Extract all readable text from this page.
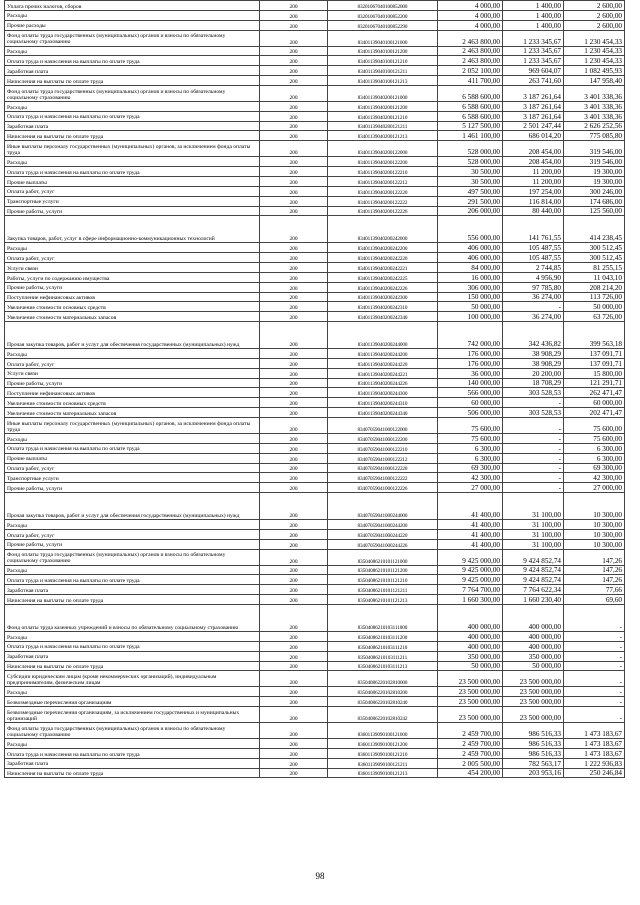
Уплата прочих налогов, сборов	200	83201067040100852000	4 000,00	1 400,00	2 600,00
Расходы	200	83201067040100852200	4 000,00	1 400,00	2 600,00
Прочие расходы	200	83201067040100852290	4 000,00	1 400,00	2 600,00
Фонд оплаты труда государственных (муниципальных) органов и взносы по обязательному социальному страхованию	200	83401139040100121000	2 463 800,00	1 233 345,67	1 230 454,33
Расходы	200	83401139040100121200	2 463 800,00	1 233 345,67	1 230 454,33
Оплата труда и начисления на выплаты по оплате труда	200	83401139040100121210	2 463 800,00	1 233 345,67	1 230 454,33
Заработная плата	200	83401139040100121211	2 052 100,00	969 604,07	1 082 495,93
Начисления на выплаты по оплате труда	200	83401139040100121213	411 700,00	263 741,60	147 958,40
Фонд оплаты труда государственных (муниципальных) органов и взносы по обязательному социальному страхованию	200	83401139040200121000	6 588 600,00	3 187 261,64	3 401 338,36
Расходы	200	83401139040200121200	6 588 600,00	3 187 261,64	3 401 338,36
Оплата труда и начисления на выплаты по оплате труда	200	83401139040200121210	6 588 600,00	3 187 261,64	3 401 338,36
Заработная плата	200	83401139040200121211	5 127 500,00	2 501 247,44	2 626 252,56
Начисления на выплаты по оплате труда	200	83401139040200121213	1 461 100,00	686 014,20	775 085,80
Иные выплаты персоналу государственных (муниципальных) органов, за исключением фонда оплаты труда	200	83401139040200122000	528 000,00	208 454,00	319 546,00
Расходы	200	83401139040200122200	528 000,00	208 454,00	319 546,00
Оплата труда и начисления на выплаты по оплате труда	200	83401139040200122210	30 500,00	11 200,00	19 300,00
Прочие выплаты	200	83401139040200122212	30 500,00	11 200,00	19 300,00
Оплата работ, услуг	200	83401139040200122220	497 500,00	197 254,00	300 246,00
Транспортные услуги	200	83401139040200122222	291 500,00	116 814,00	174 686,00
Прочие работы, услуги	200	83401139040200122226	206 000,00	80 440,00	125 560,00
Закупка товаров, работ, услуг в сфере информационно-коммуникационных технологий	200	83401139040200242000	556 000,00	141 761,55	414 238,45
Расходы	200	83401139040200242200	406 000,00	105 487,55	300 512,45
Оплата работ, услуг	200	83401139040200242220	406 000,00	105 487,55	300 512,45
Услуги связи	200	83401139040200242221	84 000,00	2 744,85	81 255,15
Работы, услуги по содержанию имущества	200	83401139040200242225	16 000,00	4 956,90	11 043,10
Прочие работы, услуги	200	83401139040200242226	306 000,00	97 785,80	208 214,20
Поступление нефинансовых активов	200	83401139040200242300	150 000,00	36 274,00	113 726,00
Увеличение стоимости основных средств	200	83401139040200242310	50 000,00	-	50 000,00
Увеличение стоимости материальных запасов	200	83401139040200242340	100 000,00	36 274,00	63 726,00
Прочая закупка товаров, работ и услуг для обеспечения государственных (муниципальных) нужд	200	83401139040200244000	742 000,00	342 436,82	399 563,18
Расходы	200	83401139040200244200	176 000,00	38 908,29	137 091,71
Оплата работ, услуг	200	83401139040200244220	176 000,00	38 908,29	137 091,71
Услуги связи	200	83401139040200244221	36 000,00	20 200,00	15 800,00
Прочие работы, услуги	200	83401139040200244226	140 000,00	18 708,29	121 291,71
Поступление нефинансовых активов	200	83401139040200244300	566 000,00	303 528,53	262 471,47
Увеличение стоимости основных средств	200	83401139040200244310	60 000,00	-	60 000,00
Увеличение стоимости материальных запасов	200	83401139040200244340	506 000,00	303 528,53	202 471,47
Иные выплаты персоналу государственных (муниципальных) органов, за исключением фонда оплаты труда	200	83407059041000122000	75 600,00	-	75 600,00
Расходы	200	83407059041000122200	75 600,00	-	75 600,00
Оплата труда и начисления на выплаты по оплате труда	200	83407059041000122210	6 300,00	-	6 300,00
Прочие выплаты	200	83407059041000122212	6 300,00	-	6 300,00
Оплата работ, услуг	200	83407059041000122220	69 300,00	-	69 300,00
Транспортные услуги	200	83407059041000122222	42 300,00	-	42 300,00
Прочие работы, услуги	200	83407059041000122226	27 000,00	-	27 000,00
Прочая закупка товаров, работ и услуг для обеспечения государственных (муниципальных) нужд	200	83407059041000244000	41 400,00	31 100,00	10 300,00
Расходы	200	83407059041000244200	41 400,00	31 100,00	10 300,00
Оплата работ, услуг	200	83407059041000244220	41 400,00	31 100,00	10 300,00
Прочие работы, услуги	200	83407059041000244226	41 400,00	31 100,00	10 300,00
Фонд оплаты труда государственных (муниципальных) органов и взносы по обязательному социальному страхованию	200	83504086210101121000	9 425 000,00	9 424 852,74	147,26
Расходы	200	83504086210101121200	9 425 000,00	9 424 852,74	147,26
Оплата труда и начисления на выплаты по оплате труда	200	83504086210101121210	9 425 000,00	9 424 852,74	147,26
Заработная плата	200	83504086210101121211	7 764 700,00	7 764 622,34	77,66
Начисления на выплаты по оплате труда	200	83504086210101121213	1 660 300,00	1 660 230,40	69,60
Фонд оплаты труда казенных учреждений и взносы по обязательному социальному страхованию	200	83504086210103111000	400 000,00	400 000,00	-
Расходы	200	83504086210103111200	400 000,00	400 000,00	-
Оплата труда и начисления на выплаты по оплате труда	200	83504086210103111210	400 000,00	400 000,00	-
Заработная плата	200	83504086210103111211	350 000,00	350 000,00	-
Начисления на выплаты по оплате труда	200	83504086210103111213	50 000,00	50 000,00	-
Субсидии юридическим лицам (кроме некоммерческих организаций), индивидуальным предпринимателям, физическим лицам	200	83504086220102810000	23 500 000,00	23 500 000,00	-
Расходы	200	83504086220102810200	23 500 000,00	23 500 000,00	-
Безвозмездные перечисления организациям	200	83504086220102810240	23 500 000,00	23 500 000,00	-
Безвозмездные перечисления организациям, за исключением государственных и муниципальных организаций	200	83504086220102810242	23 500 000,00	23 500 000,00	-
Фонд оплаты труда государственных (муниципальных) органов и взносы по обязательному социальному страхованию	200	83601139090100121000	2 459 700,00	986 516,33	1 473 183,67
Расходы	200	83601139090100121200	2 459 700,00	986 516,33	1 473 183,67
Оплата труда и начисления на выплаты по оплате труда	200	83601139090100121210	2 459 700,00	986 516,33	1 473 183,67
Заработная плата	200	83601139090100121211	2 005 500,00	782 563,17	1 222 936,83
Начисления на выплаты по оплате труда	200	83601139090100121213	454 200,00	203 953,16	250 246,84
98
